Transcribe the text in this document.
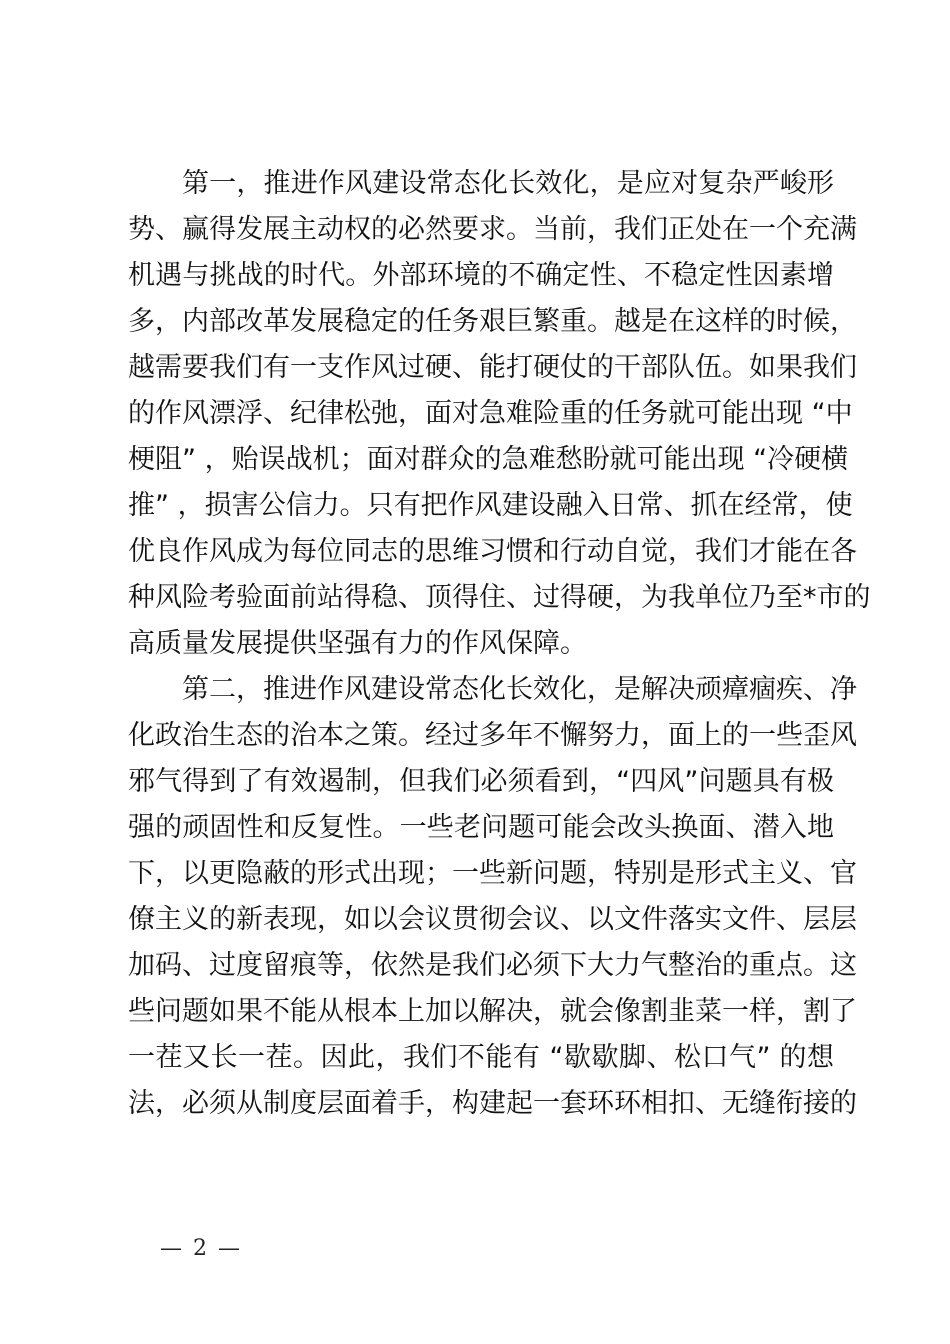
第一，推进作风建设常态化长效化，是应对复杂严峻形
势、赢得发展主动权的必然要求。当前，我们正处在一个充满
机遇与挑战的时代。外部环境的不确定性、不稳定性因素增
多，内部改革发展稳定的任务艰巨繁重。越是在这样的时候，
越需要我们有一支作风过硬、能打硬仗的干部队伍。如果我们
的作风漂浮、纪律松弛，面对急难险重的任务就可能出现 “中
梗阻” ，贻误战机；面对群众的急难愁盼就可能出现 “冷硬横
推” ，损害公信力。只有把作风建设融入日常、抓在经常，使
优良作风成为每位同志的思维习惯和行动自觉，我们才能在各
种风险考验面前站得稳、顶得住、过得硬，为我单位乃至*市的
高质量发展提供坚强有力的作风保障。
第二，推进作风建设常态化长效化，是解决顽瘴痼疾、净
化政治生态的治本之策。经过多年不懈努力，面上的一些歪风
邪气得到了有效遏制，但我们必须看到，“四风”问题具有极
强的顽固性和反复性。一些老问题可能会改头换面、潜入地
下，以更隐蔽的形式出现；一些新问题，特别是形式主义、官
僚主义的新表现，如以会议贯彻会议、以文件落实文件、层层
加码、过度留痕等，依然是我们必须下大力气整治的重点。这
些问题如果不能从根本上加以解决，就会像割韭菜一样，割了
一茬又长一茬。因此，我们不能有 “歇歇脚、松口气” 的想
法，必须从制度层面着手，构建起一套环环相扣、无缝衔接的
— 2 —
